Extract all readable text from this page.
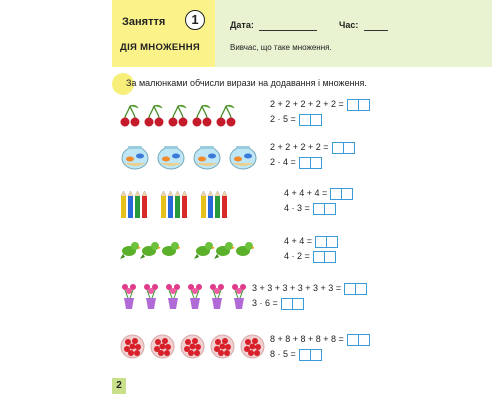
Заняття	1
ДІЯ МНОЖЕННЯ
Дата:	Час:
Вивчас, що таке множення.
За малюнками обчисли вирази на додавання і множення.
2 + 2 + 2 + 2 + 2 =
2 · 5 =
2 + 2 + 2 + 2 =
2 · 4 =
4 + 4 + 4 =
4 · 3 =
4 + 4 =
4 · 2 =
3 + 3 + 3 + 3 + 3 + 3 =
3 · 6 =
8 + 8 + 8 + 8 + 8 =
8 · 5 =
2
